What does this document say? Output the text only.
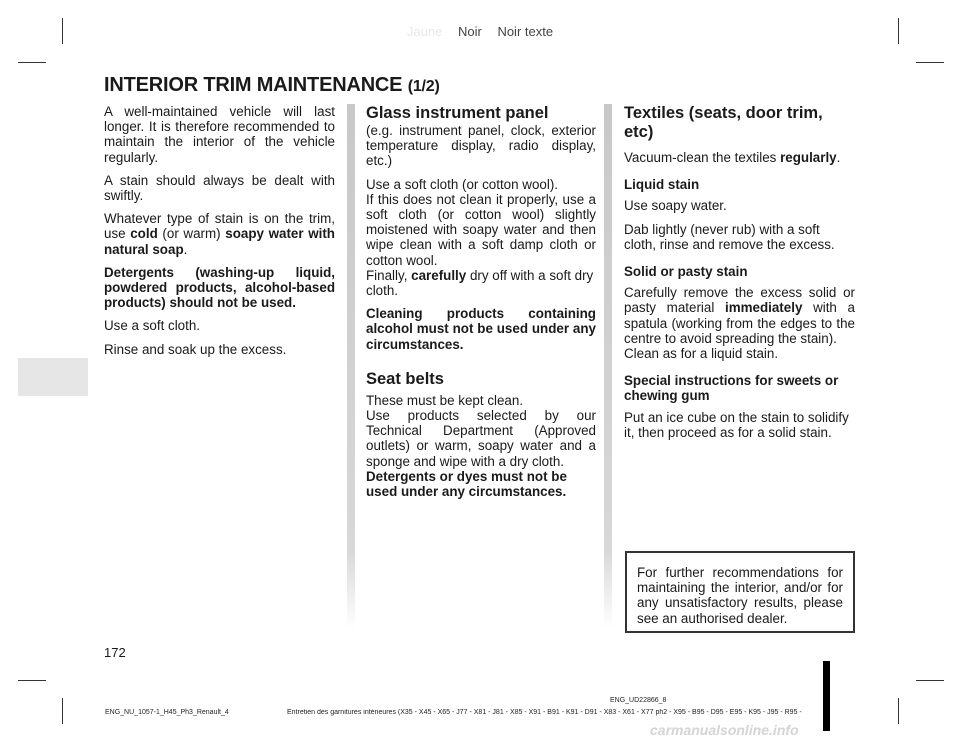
Jaune Noir Noir texte
INTERIOR TRIM MAINTENANCE (1/2)

A well-maintained vehicle will last longer. It is therefore recommended to maintain the interior of the vehicle regularly.

A stain should always be dealt with swiftly.

Whatever type of stain is on the trim, use cold (or warm) soapy water with natural soap.

Detergents (washing-up liquid, powdered products, alcohol-based products) should not be used.

Use a soft cloth.

Rinse and soak up the excess.

Glass instrument panel

(e.g. instrument panel, clock, exterior temperature display, radio display, etc.)

Use a soft cloth (or cotton wool).

If this does not clean it properly, use a soft cloth (or cotton wool) slightly moistened with soapy water and then wipe clean with a soft damp cloth or cotton wool.

Finally, carefully dry off with a soft dry cloth.

Cleaning products containing alcohol must not be used under any circumstances.

Seat belts

These must be kept clean.

Use products selected by our Technical Department (Approved outlets) or warm, soapy water and a sponge and wipe with a dry cloth.

Detergents or dyes must not be used under any circumstances.

Textiles (seats, door trim, etc)

Vacuum-clean the textiles regularly.

Liquid stain

Use soapy water.

Dab lightly (never rub) with a soft cloth, rinse and remove the excess.

Solid or pasty stain

Carefully remove the excess solid or pasty material immediately with a spatula (working from the edges to the centre to avoid spreading the stain).

Clean as for a liquid stain.

Special instructions for sweets or chewing gum

Put an ice cube on the stain to solidify it, then proceed as for a solid stain.

For further recommendations for maintaining the interior, and/or for any unsatisfactory results, please see an authorised dealer.
172
ENG_UD22866_8
ENG_NU_1057-1_H45_Ph3_Renault_4	Entretien des garnitures intérieures (X35 - X45 - X65 - J77 - X81 - J81 - X85 - X91 - B91 - K91 - D91 - X83 - X61 - X77 ph2 - X95 - B95 - D95 - E95 - K95 - J95 - R95 -
carmanualsonline.info
